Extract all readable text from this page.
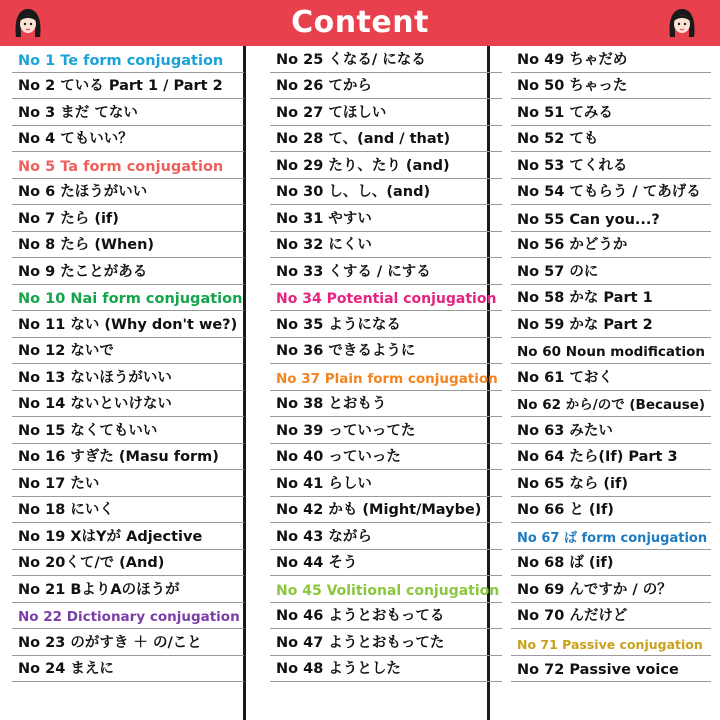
Content
No 1 Te form conjugation
No 2 ている Part 1 / Part 2
No 3 まだ てない
No 4 てもいい？
No 5 Ta form conjugation
No 6 たほうがいい
No 7 たら (if)
No 8 たら (When)
No 9 たことがある
No 10 Nai form conjugation
No 11 ない (Why don't we?)
No 12 ないで
No 13 ないほうがいい
No 14 ないといけない
No 15 なくてもいい
No 16 すぎた (Masu form)
No 17 たい
No 18 にいく
No 19 XはYが Adjective
No 20くて/で (And)
No 21 BよりAのほうが
No 22 Dictionary conjugation
No 23 のがすき ＋ の/こと
No 24 まえに
No 25 くなる/ になる
No 26 てから
No 27 てほしい
No 28 て、(and / that)
No 29 たり、たり (and)
No 30 し、し、(and)
No 31 やすい
No 32 にくい
No 33 くする / にする
No 34 Potential conjugation
No 35 ようになる
No 36 できるように
No 37 Plain form conjugation
No 38 とおもう
No 39 っていってた
No 40 っていった
No 41 らしい
No 42 かも (Might/Maybe)
No 43 ながら
No 44 そう
No 45 Volitional conjugation
No 46 ようとおもってる
No 47 ようとおもってた
No 48 ようとした
No 49 ちゃだめ
No 50 ちゃった
No 51 てみる
No 52 ても
No 53 てくれる
No 54 てもらう / てあげる
No 55 Can you...?
No 56 かどうか
No 57 のに
No 58 かな Part 1
No 59 かな Part 2
No 60 Noun modification
No 61 ておく
No 62 から/ので (Because)
No 63 みたい
No 64 たら(If) Part 3
No 65 なら (if)
No 66 と (If)
No 67 ば form conjugation
No 68 ば (if)
No 69 んですか / の？
No 70 んだけど
No 71 Passive conjugation
No 72 Passive voice
